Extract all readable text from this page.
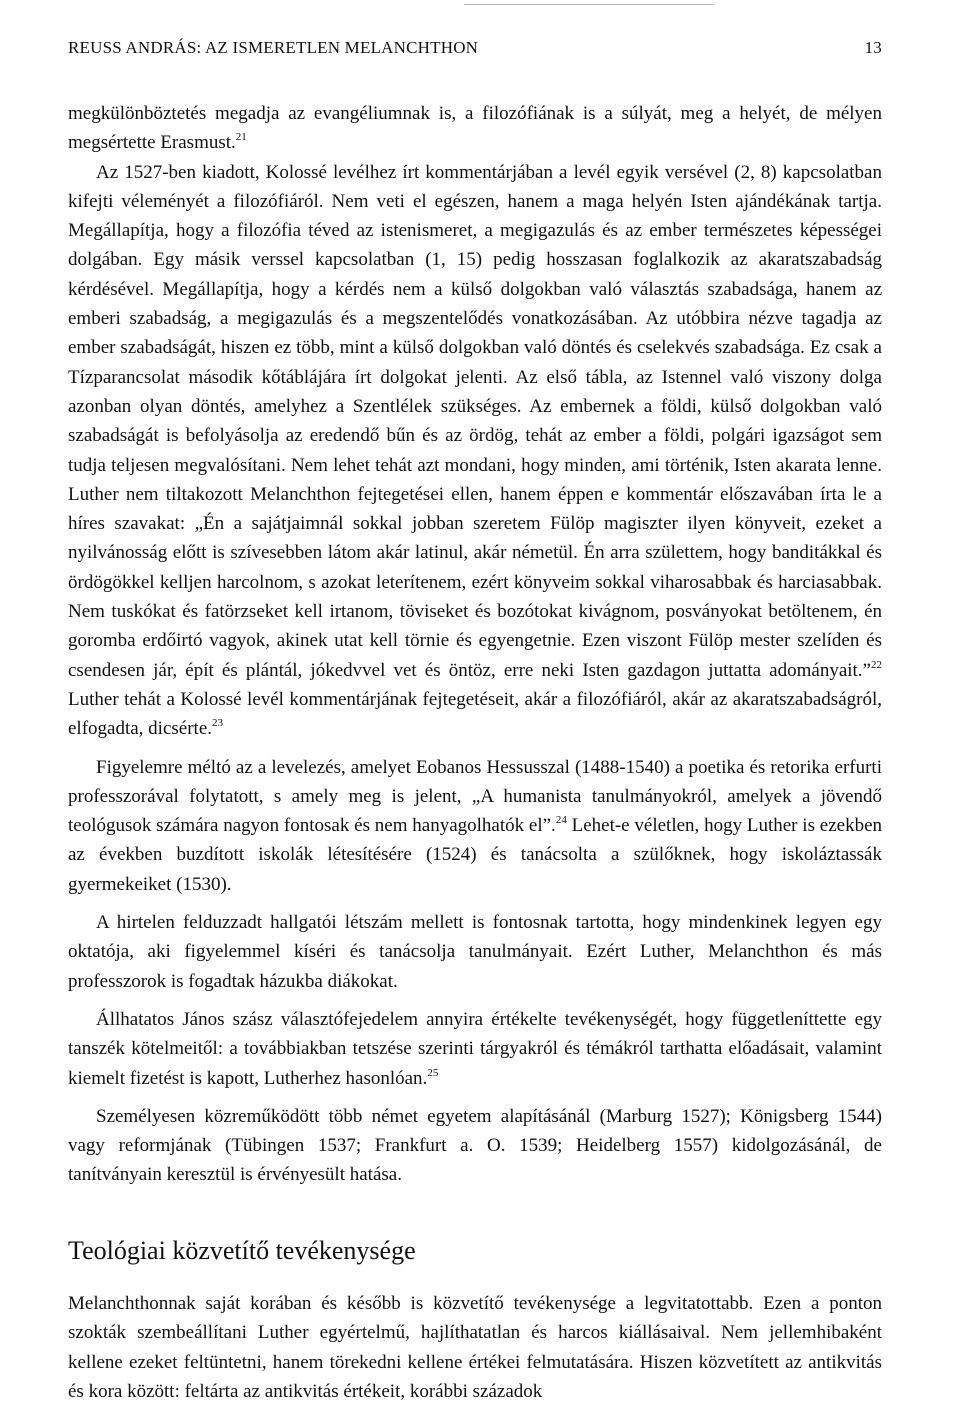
REUSS ANDRÁS: AZ ISMERETLEN MELANCHTHON	13

megkülönböztetés megadja az evangéliumnak is, a filozófiának is a súlyát, meg a helyét, de mélyen megsértette Erasmust.$^{21}$

Az 1527-ben kiadott, Kolossé levélhez írt kommentárjában a levél egyik versével (2, 8) kapcsolatban kifejti véleményét a filozófiáról. Nem veti el egészen, hanem a maga helyén Isten ajándékának tartja. Megállapítja, hogy a filozófia téved az istenismeret, a megigazulás és az ember természetes képességei dolgában. Egy másik verssel kapcsolatban (1, 15) pedig hosszasan foglalkozik az akaratszabadság kérdésével. Megállapítja, hogy a kérdés nem a külső dolgokban való választás szabadsága, hanem az emberi szabadság, a megigazulás és a megszentelődés vonatkozásában. Az utóbbira nézve tagadja az ember szabadságát, hiszen ez több, mint a külső dolgokban való döntés és cselekvés szabadsága. Ez csak a Tízparancsolat második kőtáblájára írt dolgokat jelenti. Az első tábla, az Istennel való viszony dolga azonban olyan döntés, amelyhez a Szentlélek szükséges. Az embernek a földi, külső dolgokban való szabadságát is befolyásolja az eredendő bűn és az ördög, tehát az ember a földi, polgári igazságot sem tudja teljesen megvalósítani. Nem lehet tehát azt mondani, hogy minden, ami történik, Isten akarata lenne. Luther nem tiltakozott Melanchthon fejtegetései ellen, hanem éppen e kommentár előszavában írta le a híres szavakat: „Én a sajátjaimnál sokkal jobban szeretem Fülöp magiszter ilyen könyveit, ezeket a nyilvánosság előtt is szívesebben látom akár latinul, akár németül. Én arra születtem, hogy banditákkal és ördögökkel kelljen harcolnom, s azokat leterítenem, ezért könyveim sokkal viharosabbak és harciasabbak. Nem tuskókat és fatörzseket kell irtanom, töviseket és bozótokat kivágnom, posványokat betöltenem, én goromba erdőirtó vagyok, akinek utat kell törnie és egyengetnie. Ezen viszont Fülöp mester szelíden és csendesen jár, épít és plántál, jókedvvel vet és öntöz, erre neki Isten gazdagon juttatta adományait.”$^{22}$ Luther tehát a Kolossé levél kommentárjának fejtegetéseit, akár a filozófiáról, akár az akaratszabadságról, elfogadta, dicsérte.$^{23}$

Figyelemre méltó az a levelezés, amelyet Eobanos Hessusszal (1488-1540) a poetika és retorika erfurti professzorával folytatott, s amely meg is jelent, „A humanista tanulmányokról, amelyek a jövendő teológusok számára nagyon fontosak és nem hanyagolhatók el”.$^{24}$ Lehet-e véletlen, hogy Luther is ezekben az években buzdított iskolák létesítésére (1524) és tanácsolta a szülőknek, hogy iskoláztassák gyermekeiket (1530).

A hirtelen felduzzadt hallgatói létszám mellett is fontosnak tartotta, hogy mindenkinek legyen egy oktatója, aki figyelemmel kíséri és tanácsolja tanulmányait. Ezért Luther, Melanchthon és más professzorok is fogadtak házukba diákokat.

Állhatatos János szász választófejedelem annyira értékelte tevékenységét, hogy függetleníttette egy tanszék kötelmeitől: a továbbiakban tetszése szerinti tárgyakról és témákról tarthatta előadásait, valamint kiemelt fizetést is kapott, Lutherhez hasonlóan.$^{25}$

Személyesen közreműködött több német egyetem alapításánál (Marburg 1527); Königsberg 1544) vagy reformjának (Tübingen 1537; Frankfurt a. O. 1539; Heidelberg 1557) kidolgozásánál, de tanítványain keresztül is érvényesült hatása.

Teológiai közvetítő tevékenysége

Melanchthonnak saját korában és később is közvetítő tevékenysége a legvitatottabb. Ezen a ponton szokták szembeállítani Luther egyértelmű, hajlíthatatlan és harcos kiállásaival. Nem jellemhibaként kellene ezeket feltüntetni, hanem törekedni kellene értékei felmutatására. Hiszen közvetített az antikvitás és kora között: feltárta az antikvitás értékeit, korábbi századok
